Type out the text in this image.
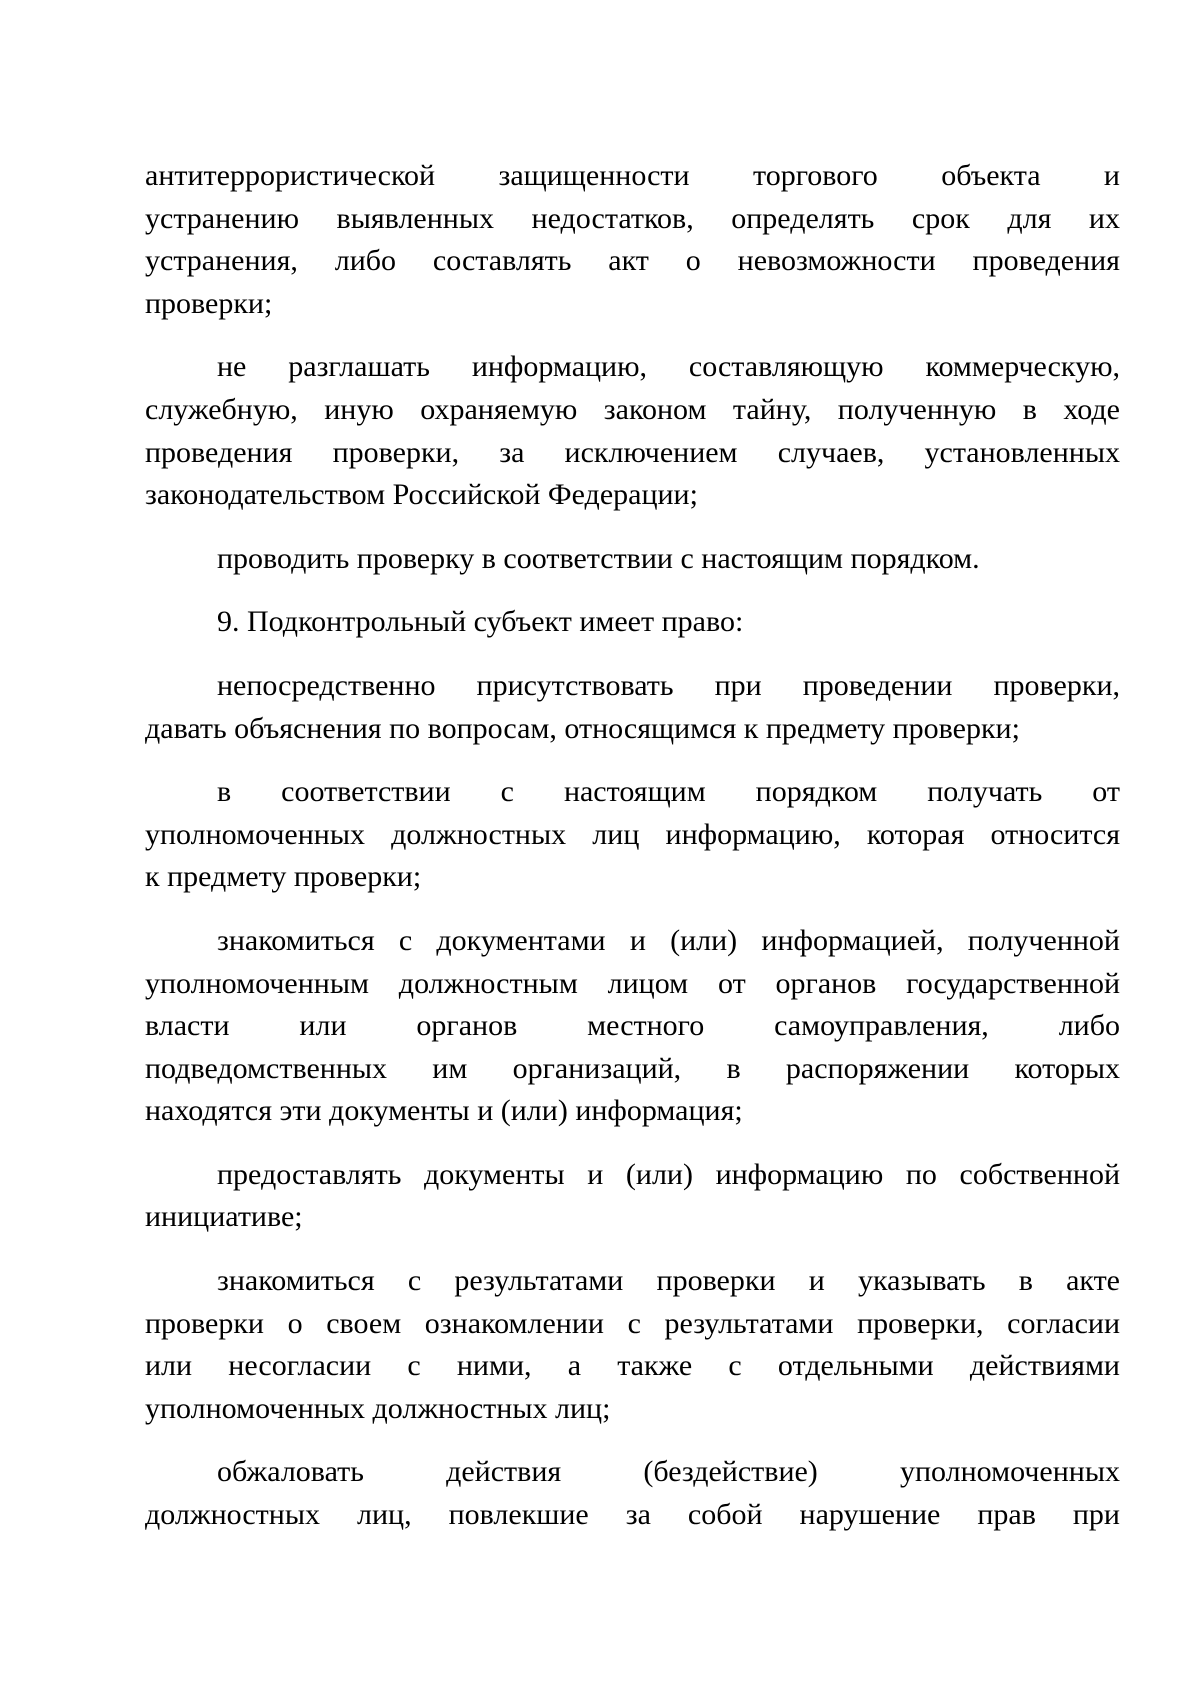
антитеррористической защищенности торгового объекта и
устранению выявленных недостатков, определять срок для их
устранения, либо составлять акт о невозможности проведения
проверки;
не разглашать информацию, составляющую коммерческую,
служебную, иную охраняемую законом тайну, полученную в ходе
проведения проверки, за исключением случаев, установленных
законодательством Российской Федерации;
проводить проверку в соответствии с настоящим порядком.
9. Подконтрольный субъект имеет право:
непосредственно присутствовать при проведении проверки,
давать объяснения по вопросам, относящимся к предмету проверки;
в соответствии с настоящим порядком получать от
уполномоченных должностных лиц информацию, которая относится
к предмету проверки;
знакомиться с документами и (или) информацией, полученной
уполномоченным должностным лицом от органов государственной
власти или органов местного самоуправления, либо
подведомственных им организаций, в распоряжении которых
находятся эти документы и (или) информация;
предоставлять документы и (или) информацию по собственной
инициативе;
знакомиться с результатами проверки и указывать в акте
проверки о своем ознакомлении с результатами проверки, согласии
или несогласии с ними, а также с отдельными действиями
уполномоченных должностных лиц;
обжаловать действия (бездействие) уполномоченных
должностных лиц, повлекшие за собой нарушение прав при
